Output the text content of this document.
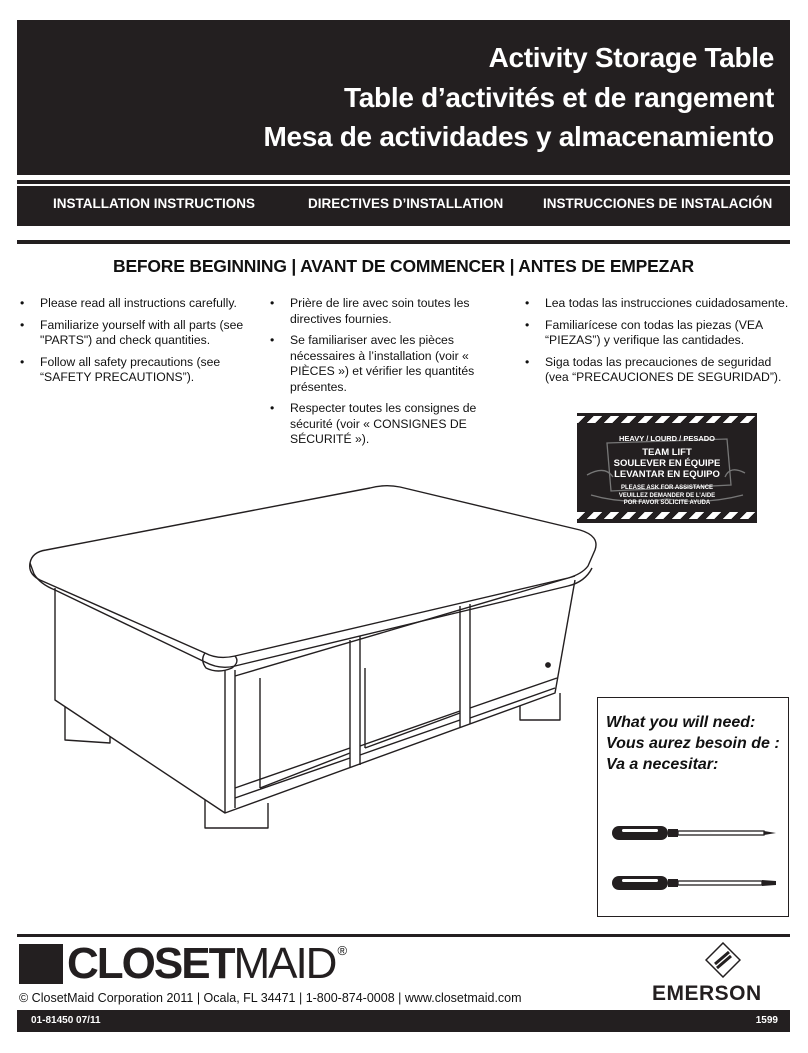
Activity Storage Table
Table d’activités et de rangement
Mesa de actividades y almacenamiento
INSTALLATION INSTRUCTIONS	DIRECTIVES D’INSTALLATION	INSTRUCCIONES DE INSTALACIÓN
BEFORE BEGINNING | AVANT DE COMMENCER | ANTES DE EMPEZAR
• Please read all instructions carefully.
• Familiarize yourself with all parts (see "PARTS") and check quantities.
• Follow all safety precautions (see “SAFETY PRECAUTIONS”).
• Prière de lire avec soin toutes les directives fournies.
• Se familiariser avec les pièces nécessaires à l’installation (voir « PIÈCES ») et vérifier les quantités présentes.
• Respecter toutes les consignes de sécurité (voir « CONSIGNES DE SÉCURITÉ »).
• Lea todas las instrucciones cuidadosamente.
• Familiarícese con todas las piezas (VEA “PIEZAS”) y verifique las cantidades.
• Siga todas las precauciones de seguridad (vea “PRECAUCIONES DE SEGURIDAD”).
HEAVY / LOURD / PESADO
TEAM LIFT
SOULEVER EN ÉQUIPE
LEVANTAR EN EQUIPO
PLEASE ASK FOR ASSISTANCE
VEUILLEZ DEMANDER DE L’AIDE
POR FAVOR SOLICITE AYUDA
What you will need:
Vous aurez besoin de :
Va a necesitar:
CLOSET MAID ®
© ClosetMaid Corporation 2011 | Ocala, FL 34471 | 1-800-874-0008 | www.closetmaid.com	EMERSON
01-81450 07/11	1599
